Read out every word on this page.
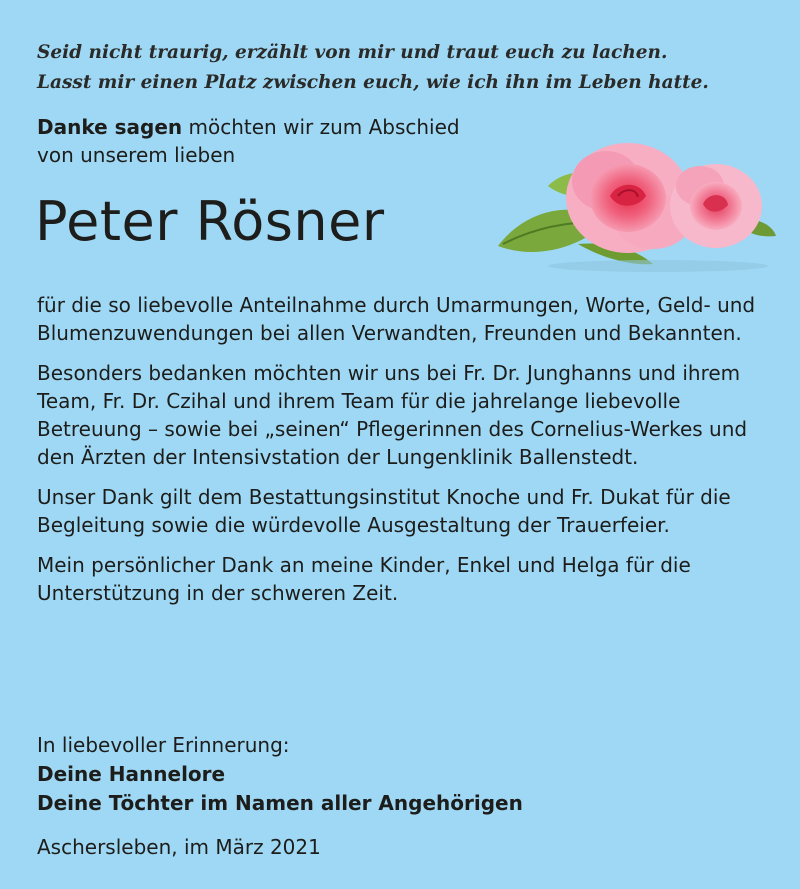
Seid nicht traurig, erzählt von mir und traut euch zu lachen.
Lasst mir einen Platz zwischen euch, wie ich ihn im Leben hatte.
Danke sagen möchten wir zum Abschied
von unserem lieben
Peter Rösner

für die so liebevolle Anteilnahme durch Umarmungen, Worte, Geld- und Blumenzuwendungen bei allen Verwandten, Freunden und Bekannten.

Besonders bedanken möchten wir uns bei Fr. Dr. Junghanns und ihrem Team, Fr. Dr. Czihal und ihrem Team für die jahrelange liebevolle Betreuung – sowie bei „seinen“ Pflegerinnen des Cornelius-Werkes und den Ärzten der Intensivstation der Lungenklinik Ballenstedt.

Unser Dank gilt dem Bestattungsinstitut Knoche und Fr. Dukat für die Begleitung sowie die würdevolle Ausgestaltung der Trauerfeier.

Mein persönlicher Dank an meine Kinder, Enkel und Helga für die Unterstützung in der schweren Zeit.

In liebevoller Erinnerung:
Deine Hannelore
Deine Töchter im Namen aller Angehörigen
Aschersleben, im März 2021
